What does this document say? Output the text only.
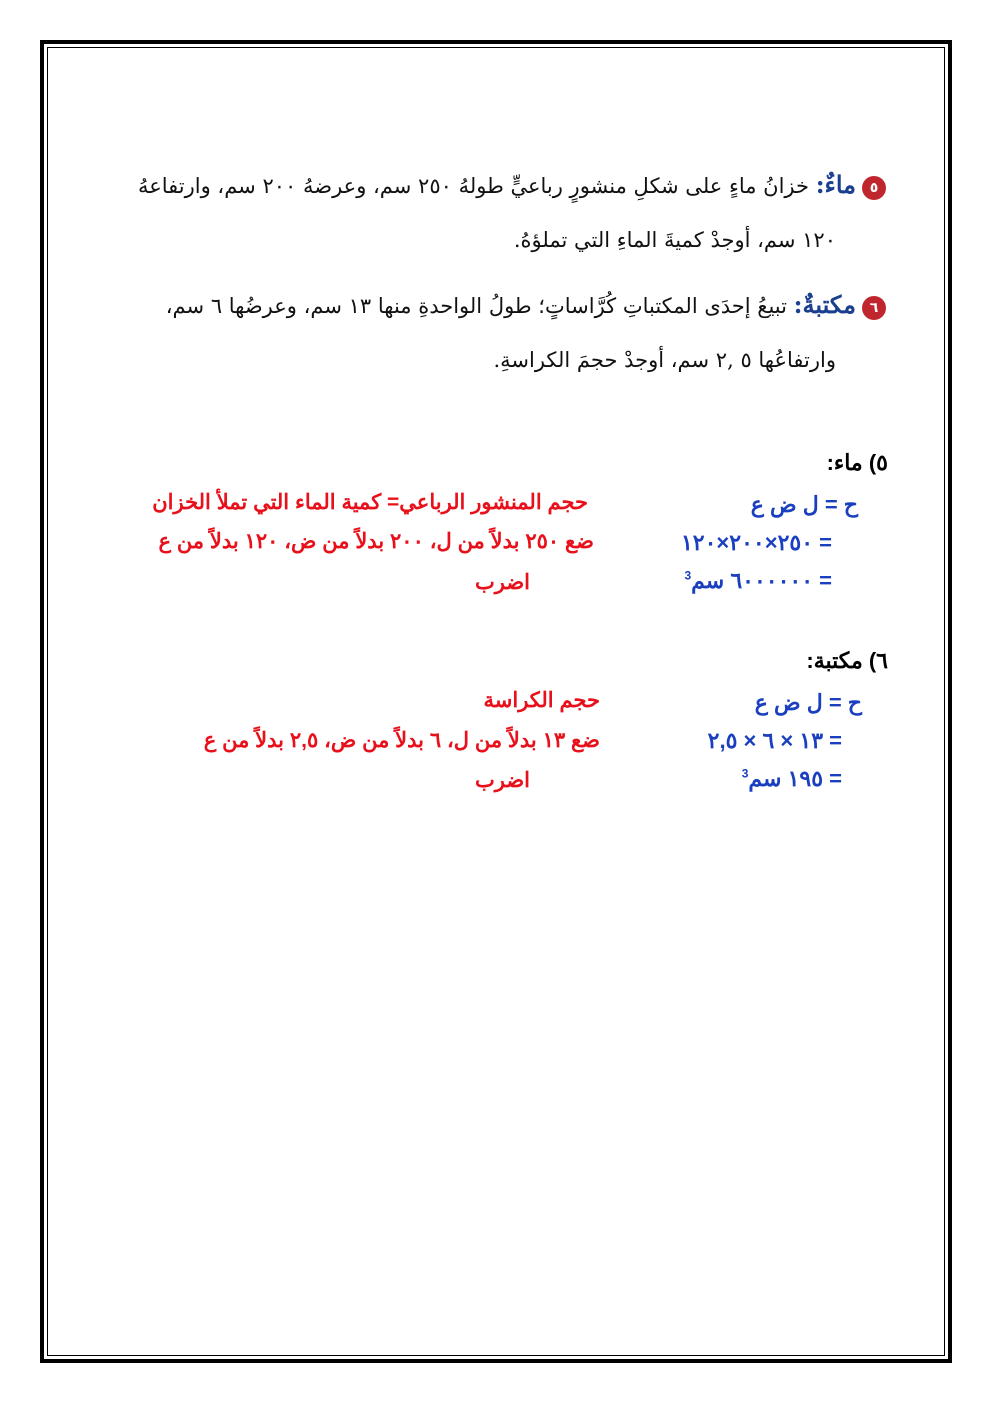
٥ماءٌ: خزانُ ماءٍ على شكلِ منشورٍ رباعيٍّ طولهُ ٢٥٠ سم، وعرضهُ ٢٠٠ سم، وارتفاعهُ
١٢٠ سم، أوجدْ كميةَ الماءِ التي تملؤهُ.
٦مكتبةٌ: تبيعُ إحدَى المكتباتِ كُرَّاساتٍ؛ طولُ الواحدةِ منها ١٣ سم، وعرضُها ٦ سم،
وارتفاعُها ٥ ,٢ سم، أوجدْ حجمَ الكراسةِ.
٥) ماء:
ح = ل ض ع
= ٢٥٠×٢٠٠×١٢٠
= ٦٠٠٠٠٠٠ سم$^3$
حجم المنشور الرباعي= كمية الماء التي تملأ الخزان
ضع ٢٥٠ بدلاً من ل، ٢٠٠ بدلاً من ض، ١٢٠ بدلاً من ع
اضرب
٦) مكتبة:
ح = ل ض ع
= ١٣ × ٦ × ٢,٥
= ١٩٥ سم$^3$
حجم الكراسة
ضع ١٣ بدلاً من ل، ٦ بدلاً من ض، ٢,٥ بدلاً من ع
اضرب
